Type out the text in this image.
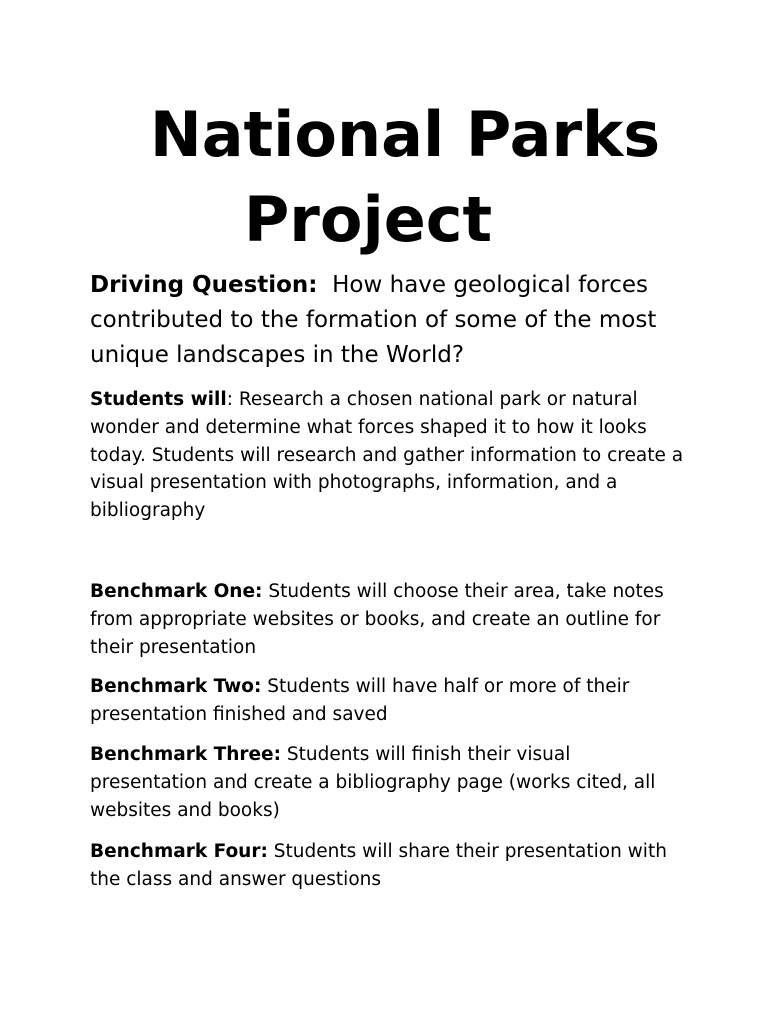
National Parks
Project

Driving Question: How have geological forces contributed to the formation of some of the most unique landscapes in the World?

Students will: Research a chosen national park or natural wonder and determine what forces shaped it to how it looks today. Students will research and gather information to create a visual presentation with photographs, information, and a bibliography

Benchmark One: Students will choose their area, take notes from appropriate websites or books, and create an outline for their presentation

Benchmark Two: Students will have half or more of their presentation finished and saved

Benchmark Three: Students will finish their visual presentation and create a bibliography page (works cited, all websites and books)

Benchmark Four: Students will share their presentation with the class and answer questions
